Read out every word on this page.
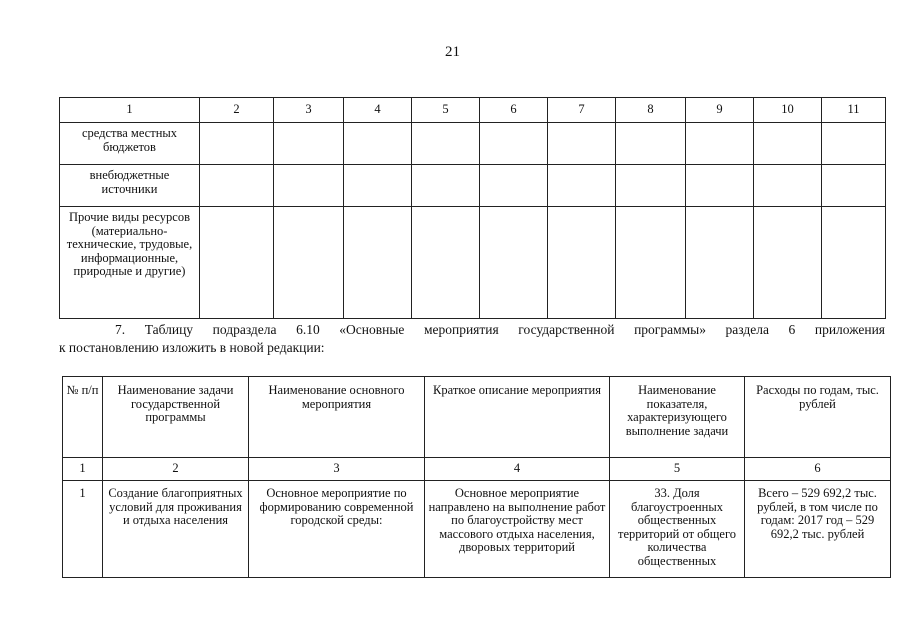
21
1	2	3	4	5	6	7	8	9	10	11
средства местных бюджетов										
внебюджетные источники										
Прочие виды ресурсов (материально-технические, трудовые, информационные, природные и другие)										
7. Таблицу подраздела 6.10 «Основные мероприятия государственной программы» раздела 6 приложения
к постановлению изложить в новой редакции:
№ п/п	Наименование задачи государственной программы	Наименование основного мероприятия	Краткое описание мероприятия	Наименование показателя, характеризующего выполнение задачи	Расходы по годам, тыс. рублей
1	2	3	4	5	6
1	Создание благоприятных условий для проживания и отдыха населения	Основное мероприятие по формированию современной городской среды:	Основное мероприятие направлено на выполнение работ по благоустройству мест массового отдыха населения, дворовых территорий	33. Доля благоустроенных общественных территорий от общего количества общественных	Всего – 529 692,2 тыс. рублей, в том числе по годам: 2017 год – 529 692,2 тыс. рублей
